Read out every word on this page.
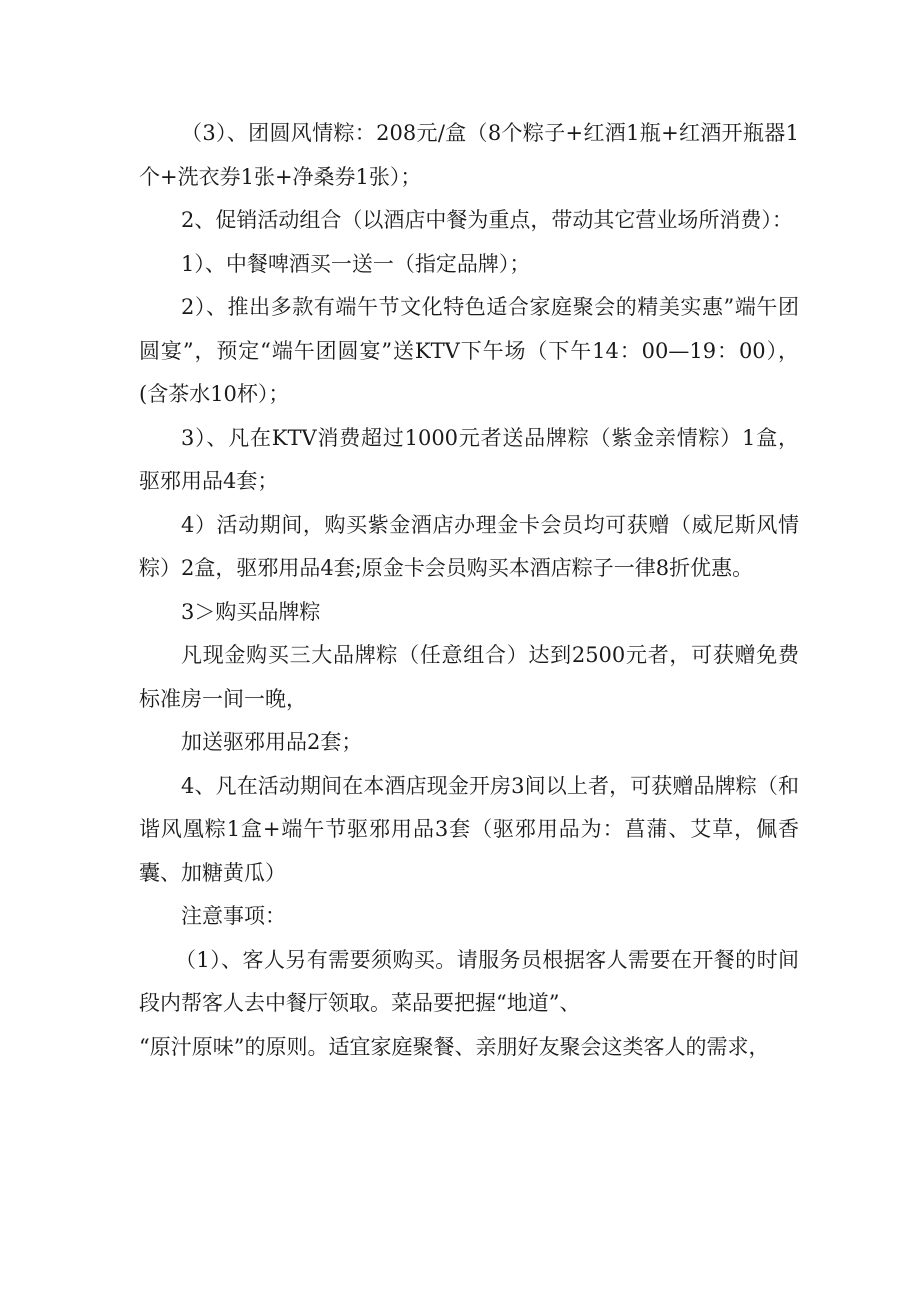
（3）、团圆风情粽：208元/盒（8个粽子+红酒1瓶+红酒开瓶器1个+洗衣券1张+净桑券1张）；

2、促销活动组合（以酒店中餐为重点，带动其它营业场所消费）：

1）、中餐啤酒买一送一（指定品牌）；

2）、推出多款有端午节文化特色适合家庭聚会的精美实惠”端午团圆宴”，预定“端午团圆宴”送KTV下午场（下午14：00—19：00），(含茶水10杯）；

3）、凡在KTV消费超过1000元者送品牌粽（紫金亲情粽）1盒，驱邪用品4套；

4）活动期间，购买紫金酒店办理金卡会员均可获赠（威尼斯风情粽）2盒，驱邪用品4套;原金卡会员购买本酒店粽子一律8折优惠。

3＞购买品牌粽

凡现金购买三大品牌粽（任意组合）达到2500元者，可获赠免费标准房一间一晚，

加送驱邪用品2套；

4、凡在活动期间在本酒店现金开房3间以上者，可获赠品牌粽（和谐风凰粽1盒+端午节驱邪用品3套（驱邪用品为：菖蒲、艾草，佩香囊、加糖黄瓜）

注意事项：

（1）、客人另有需要须购买。请服务员根据客人需要在开餐的时间段内帮客人去中餐厅领取。菜品要把握“地道”、

“原汁原味”的原则。适宜家庭聚餐、亲朋好友聚会这类客人的需求，
